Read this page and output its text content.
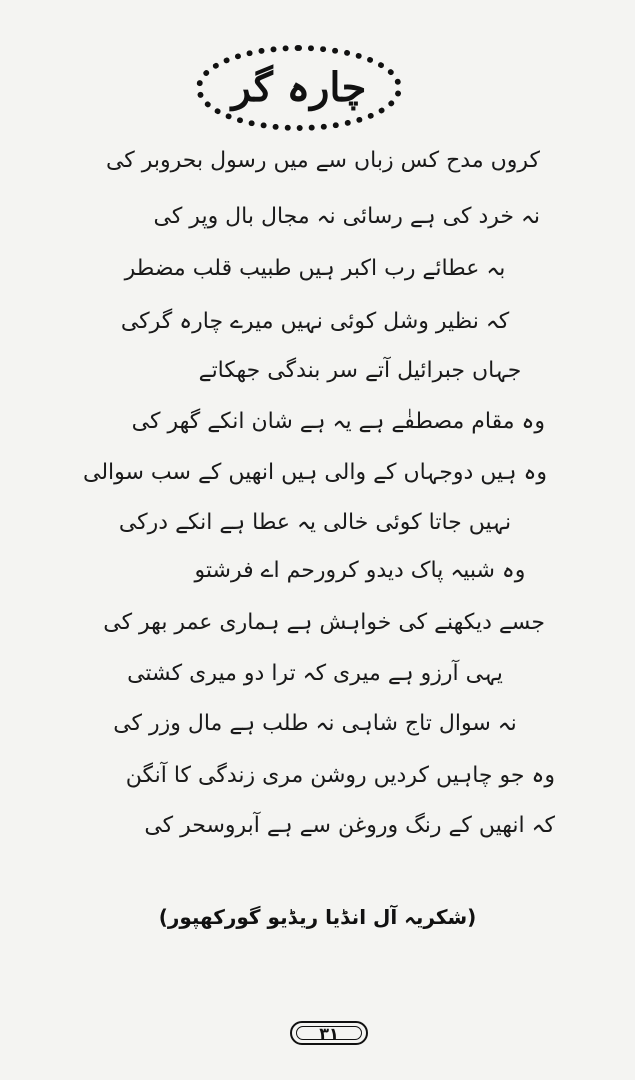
چارہ گر
کروں مدح کس زباں سے میں رسول بحروبر کی
نہ خرد کی ہے رسائی نہ مجال بال وپر کی
بہ عطائے رب اکبر ہیں طبیب قلب مضطر
کہ نظیر وشل کوئی نہیں میرے چارہ گرکی
جہاں جبرائیل آتے سر بندگی جھکاتے
وہ مقام مصطفٰے ہے یہ ہے شان انکے گھر کی
وہ ہیں دوجہاں کے والی ہیں انھیں کے سب سوالی
نہیں جاتا کوئی خالی یہ عطا ہے انکے درکی
وہ شبیہ پاک دیدو کرورحم اے فرشتو
جسے دیکھنے کی خواہش ہے ہماری عمر بھر کی
یہی آرزو ہے میری کہ ترا دو میری کشتی
نہ سوال تاج شاہی نہ طلب ہے مال وزر کی
وہ جو چاہیں کردیں روشن مری زندگی کا آنگن
کہ انھیں کے رنگ وروغن سے ہے آبروسحر کی
(شکریہ آل انڈیا ریڈیو گورکھپور)
۳۱
